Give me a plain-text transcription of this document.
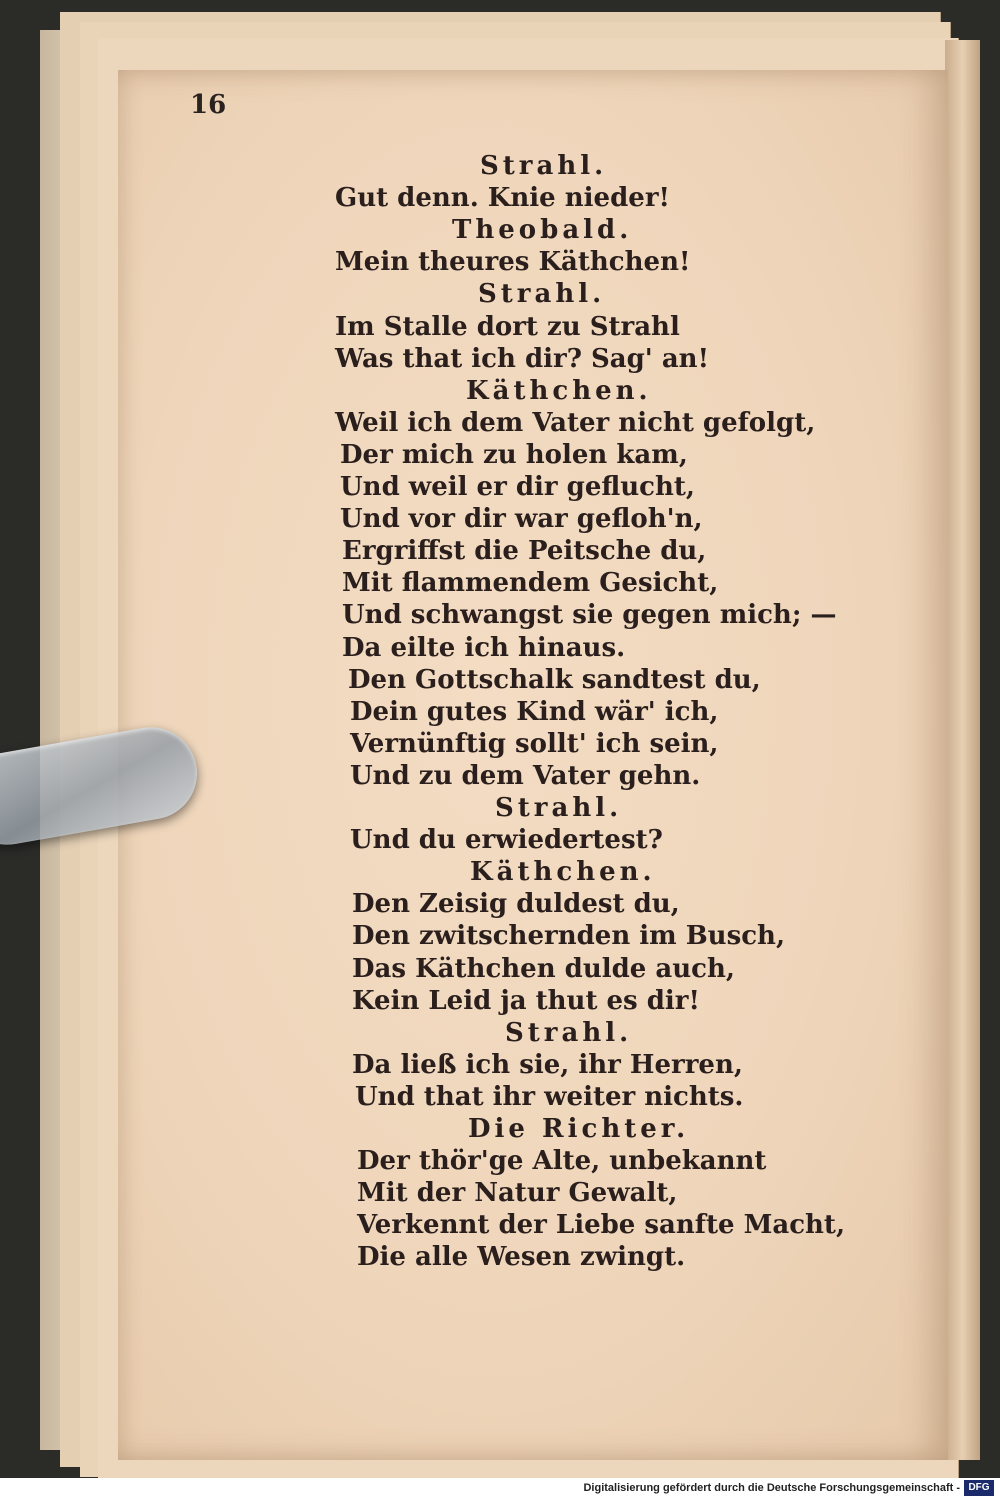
16
Strahl.
Gut denn. Knie nieder!
Theobald.
Mein theures Käthchen!
Strahl.
Im Stalle dort zu Strahl
Was that ich dir? Sag' an!
Käthchen.
Weil ich dem Vater nicht gefolgt,
Der mich zu holen kam,
Und weil er dir geflucht,
Und vor dir war gefloh'n,
Ergriffst die Peitsche du,
Mit flammendem Gesicht,
Und schwangst sie gegen mich; —
Da eilte ich hinaus.
Den Gottschalk sandtest du,
Dein gutes Kind wär' ich,
Vernünftig sollt' ich sein,
Und zu dem Vater gehn.
Strahl.
Und du erwiedertest?
Käthchen.
Den Zeisig duldest du,
Den zwitschernden im Busch,
Das Käthchen dulde auch,
Kein Leid ja thut es dir!
Strahl.
Da ließ ich sie, ihr Herren,
Und that ihr weiter nichts.
Die Richter.
Der thör'ge Alte, unbekannt
Mit der Natur Gewalt,
Verkennt der Liebe sanfte Macht,
Die alle Wesen zwingt.
Digitalisierung gefördert durch die Deutsche Forschungsgemeinschaft - DFG
